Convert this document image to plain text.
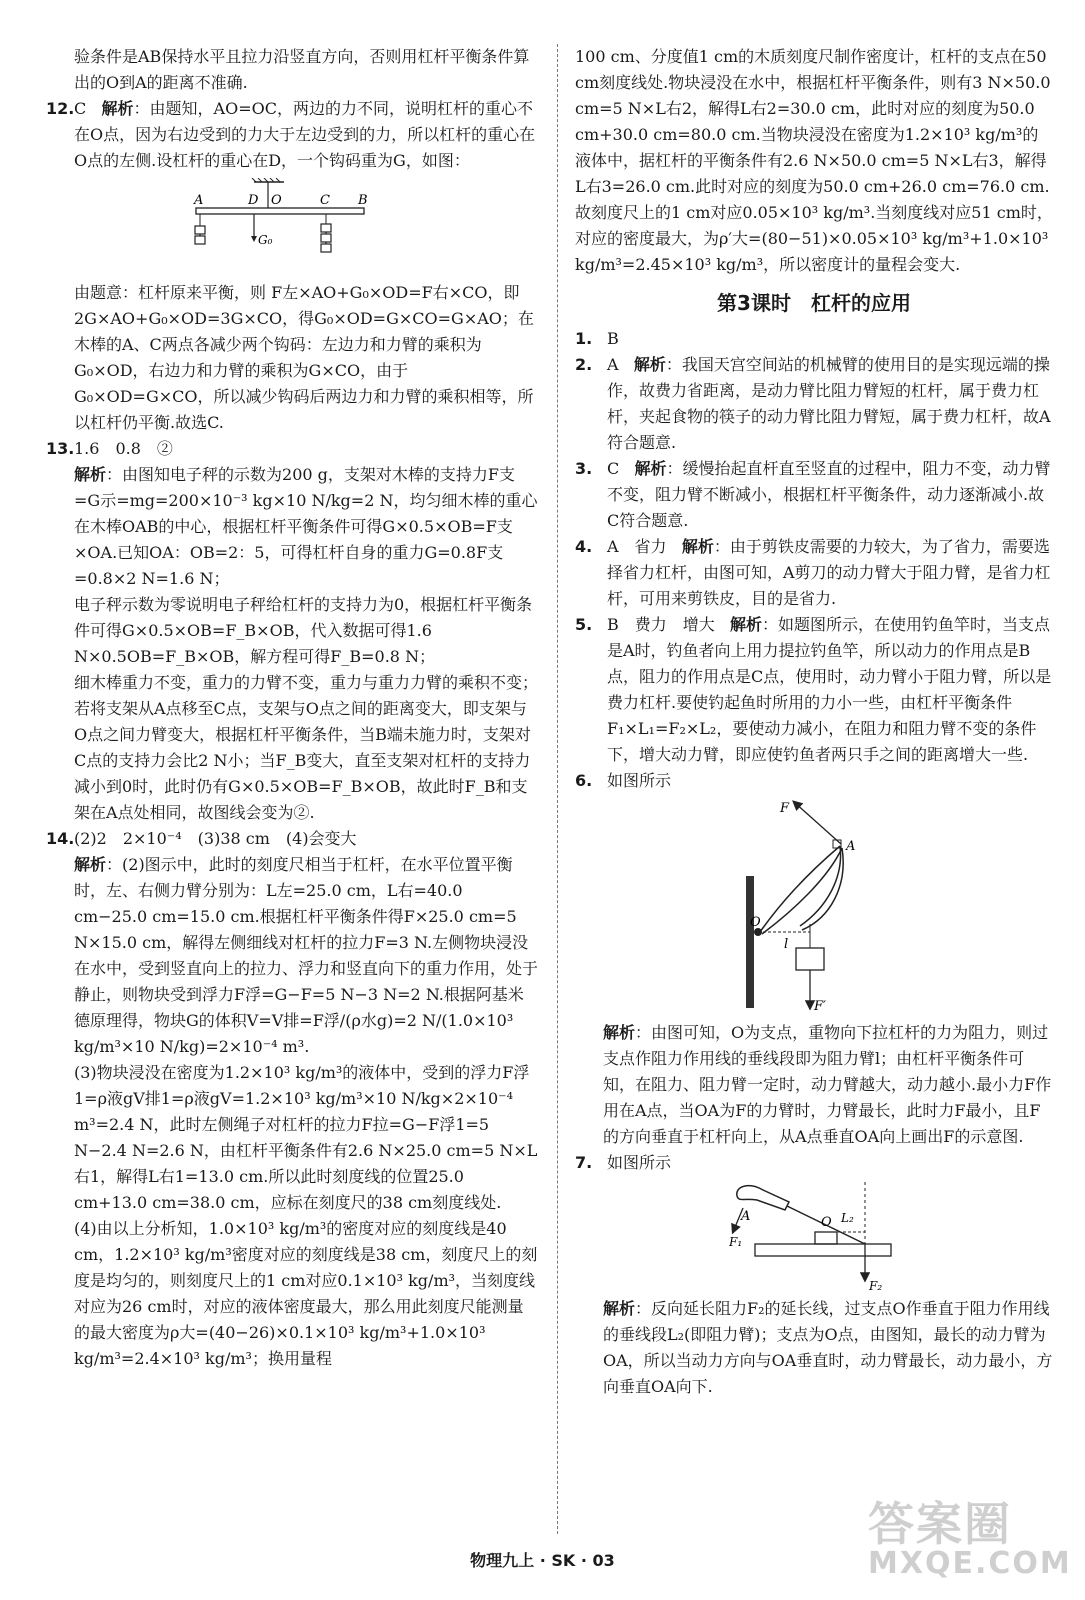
验条件是AB保持水平且拉力沿竖直方向，否则用杠杆平衡条件算出的O到A的距离不准确.

12. C 解析：由题知，AO=OC，两边的力不同，说明杠杆的重心不在O点，因为右边受到的力大于左边受到的力，所以杠杆的重心在O点的左侧.设杠杆的重心在D，一个钩码重为G，如图：

A	D O	C B
G₀

由题意：杠杆原来平衡，则 F左×AO+G₀×OD=F右×CO，即2G×AO+G₀×OD=3G×CO，得G₀×OD=G×CO=G×AO；在木棒的A、C两点各减少两个钩码：左边力和力臂的乘积为G₀×OD，右边力和力臂的乘积为G×CO，由于G₀×OD=G×CO，所以减少钩码后两边力和力臂的乘积相等，所以杠杆仍平衡.故选C.

13. 1.6　0.8　②

解析：由图知电子秤的示数为200 g，支架对木棒的支持力F支=G示=mg=200×10⁻³ kg×10 N/kg=2 N，均匀细木棒的重心在木棒OAB的中心，根据杠杆平衡条件可得G×0.5×OB=F支×OA.已知OA：OB=2：5，可得杠杆自身的重力G=0.8F支=0.8×2 N=1.6 N；

电子秤示数为零说明电子秤给杠杆的支持力为0，根据杠杆平衡条件可得G×0.5×OB=F_B×OB，代入数据可得1.6 N×0.5OB=F_B×OB，解方程可得F_B=0.8 N；

细木棒重力不变，重力的力臂不变，重力与重力力臂的乘积不变；若将支架从A点移至C点，支架与O点之间的距离变大，即支架与O点之间力臂变大，根据杠杆平衡条件，当B端未施力时，支架对C点的支持力会比2 N小；当F_B变大，直至支架对杠杆的支持力减小到0时，此时仍有G×0.5×OB=F_B×OB，故此时F_B和支架在A点处相同，故图线会变为②.

14. (2)2　2×10⁻⁴　(3)38 cm　(4)会变大

解析：(2)图示中，此时的刻度尺相当于杠杆，在水平位置平衡时，左、右侧力臂分别为：L左=25.0 cm，L右=40.0 cm−25.0 cm=15.0 cm.根据杠杆平衡条件得F×25.0 cm=5 N×15.0 cm，解得左侧细线对杠杆的拉力F=3 N.左侧物块浸没在水中，受到竖直向上的拉力、浮力和竖直向下的重力作用，处于静止，则物块受到浮力F浮=G−F=5 N−3 N=2 N.根据阿基米德原理得，物块G的体积V=V排=F浮/(ρ水g)=2 N/(1.0×10³ kg/m³×10 N/kg)=2×10⁻⁴ m³.

(3)物块浸没在密度为1.2×10³ kg/m³的液体中，受到的浮力F浮1=ρ液gV排1=ρ液gV=1.2×10³ kg/m³×10 N/kg×2×10⁻⁴ m³=2.4 N，此时左侧绳子对杠杆的拉力F拉=G−F浮1=5 N−2.4 N=2.6 N，由杠杆平衡条件有2.6 N×25.0 cm=5 N×L右1，解得L右1=13.0 cm.所以此时刻度线的位置25.0 cm+13.0 cm=38.0 cm，应标在刻度尺的38 cm刻度线处.

(4)由以上分析知，1.0×10³ kg/m³的密度对应的刻度线是40 cm，1.2×10³ kg/m³密度对应的刻度线是38 cm，刻度尺上的刻度是均匀的，则刻度尺上的1 cm对应0.1×10³ kg/m³，当刻度线对应为26 cm时，对应的液体密度最大，那么用此刻度尺能测量的最大密度为ρ大=(40−26)×0.1×10³ kg/m³+1.0×10³ kg/m³=2.4×10³ kg/m³；换用量程

100 cm、分度值1 cm的木质刻度尺制作密度计，杠杆的支点在50 cm刻度线处.物块浸没在水中，根据杠杆平衡条件，则有3 N×50.0 cm=5 N×L右2，解得L右2=30.0 cm，此时对应的刻度为50.0 cm+30.0 cm=80.0 cm.当物块浸没在密度为1.2×10³ kg/m³的液体中，据杠杆的平衡条件有2.6 N×50.0 cm=5 N×L右3，解得L右3=26.0 cm.此时对应的刻度为50.0 cm+26.0 cm=76.0 cm.故刻度尺上的1 cm对应0.05×10³ kg/m³.当刻度线对应51 cm时，对应的密度最大，为ρ′大=(80−51)×0.05×10³ kg/m³+1.0×10³ kg/m³=2.45×10³ kg/m³，所以密度计的量程会变大.

第3课时　杠杆的应用
1. B

2. A 解析：我国天宫空间站的机械臂的使用目的是实现远端的操作，故费力省距离，是动力臂比阻力臂短的杠杆，属于费力杠杆，夹起食物的筷子的动力臂比阻力臂短，属于费力杠杆，故A符合题意.

3. C 解析：缓慢抬起直杆直至竖直的过程中，阻力不变，动力臂不变，阻力臂不断减小，根据杠杆平衡条件，动力逐渐减小.故C符合题意.

4. A　省力 解析：由于剪铁皮需要的力较大，为了省力，需要选择省力杠杆，由图可知，A剪刀的动力臂大于阻力臂，是省力杠杆，可用来剪铁皮，目的是省力.

5. B　费力　增大 解析：如题图所示，在使用钓鱼竿时，当支点是A时，钓鱼者向上用力提拉钓鱼竿，所以动力的作用点是B点，阻力的作用点是C点，使用时，动力臂小于阻力臂，所以是费力杠杆.要使钓起鱼时所用的力小一些，由杠杆平衡条件F₁×L₁=F₂×L₂，要使动力减小，在阻力和阻力臂不变的条件下，增大动力臂，即应使钓鱼者两只手之间的距离增大一些.

6. 如图所示

F
A
O
l
F′

解析：由图可知，O为支点，重物向下拉杠杆的力为阻力，则过支点作阻力作用线的垂线段即为阻力臂l；由杠杆平衡条件可知，在阻力、阻力臂一定时，动力臂越大，动力越小.最小力F作用在A点，当OA为F的力臂时，力臂最长，此时力F最小，且F的方向垂直于杠杆向上，从A点垂直OA向上画出F的示意图.

7. 如图所示

A	O L₂
F₁
F₂

解析：反向延长阻力F₂的延长线，过支点O作垂直于阻力作用线的垂线段L₂(即阻力臂)；支点为O点，由图知，最长的动力臂为OA，所以当动力方向与OA垂直时，动力臂最长，动力最小，方向垂直OA向下.

答案圈
MXQE.COM
物理九上 · SK · 03
